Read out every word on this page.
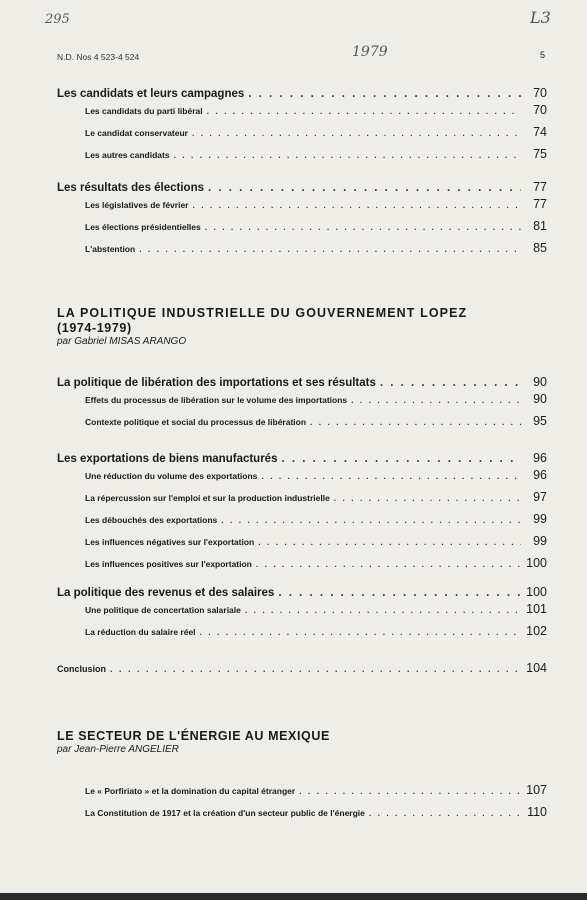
295	L3
1979
N.D. Nos 4 523-4 524	5
Les candidats et leurs campagnes . . .	70
Les candidats du parti libéral . . .	70
Le candidat conservateur . . .	74
Les autres candidats . . .	75
Les résultats des élections . . .	77
Les législatives de février . . .	77
Les élections présidentielles . . .	81
L'abstention . . .	85
LA POLITIQUE INDUSTRIELLE DU GOUVERNEMENT LOPEZ
(1974-1979)
par Gabriel MISAS ARANGO
La politique de libération des importations et ses résultats . . .	90
Effets du processus de libération sur le volume des importations . . .	90
Contexte politique et social du processus de libération . . .	95
Les exportations de biens manufacturés . . .	96
Une réduction du volume des exportations . . .	96
La répercussion sur l'emploi et sur la production industrielle . . .	97
Les débouchés des exportations . . .	99
Les influences négatives sur l'exportation . . .	99
Les influences positives sur l'exportation . . .	100
La politique des revenus et des salaires . . .	100
Une politique de concertation salariale . . .	101
La réduction du salaire réel . . .	102
Conclusion . . .	104
LE SECTEUR DE L'ÉNERGIE AU MEXIQUE
par Jean-Pierre ANGELIER
Le « Porfiriato » et la domination du capital étranger . . .	107
La Constitution de 1917 et la création d'un secteur public de l'énergie . . .	110
